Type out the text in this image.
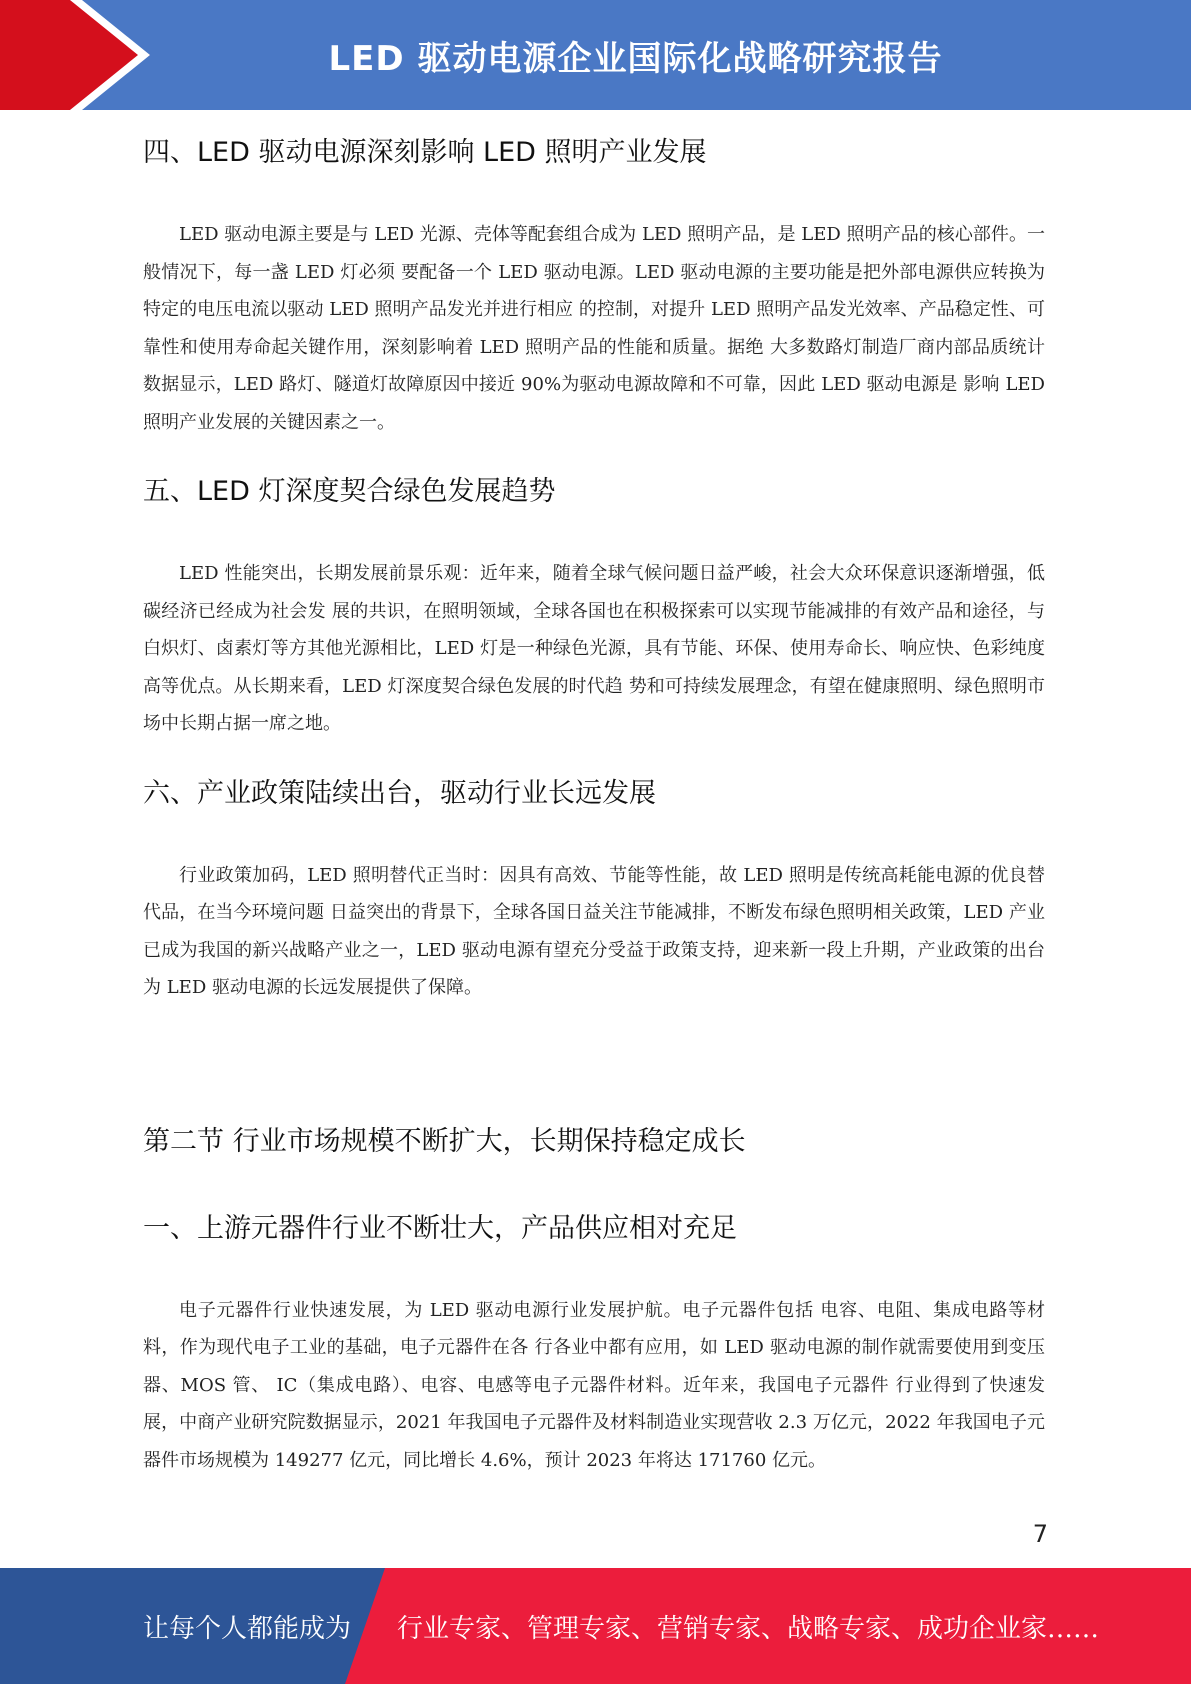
LED 驱动电源企业国际化战略研究报告
四、LED 驱动电源深刻影响 LED 照明产业发展

LED 驱动电源主要是与 LED 光源、壳体等配套组合成为 LED 照明产品，是 LED 照明产品的核心部件。一般情况下，每一盏 LED 灯必须 要配备一个 LED 驱动电源。LED 驱动电源的主要功能是把外部电源供应转换为特定的电压电流以驱动 LED 照明产品发光并进行相应 的控制，对提升 LED 照明产品发光效率、产品稳定性、可靠性和使用寿命起关键作用，深刻影响着 LED 照明产品的性能和质量。据绝 大多数路灯制造厂商内部品质统计数据显示，LED 路灯、隧道灯故障原因中接近 90%为驱动电源故障和不可靠，因此 LED 驱动电源是 影响 LED 照明产业发展的关键因素之一。

五、LED 灯深度契合绿色发展趋势

LED 性能突出，长期发展前景乐观：近年来，随着全球气候问题日益严峻，社会大众环保意识逐渐增强，低碳经济已经成为社会发 展的共识，在照明领域，全球各国也在积极探索可以实现节能减排的有效产品和途径，与白炽灯、卤素灯等方其他光源相比，LED 灯是一种绿色光源，具有节能、环保、使用寿命长、响应快、色彩纯度高等优点。从长期来看，LED 灯深度契合绿色发展的时代趋 势和可持续发展理念，有望在健康照明、绿色照明市场中长期占据一席之地。

六、产业政策陆续出台，驱动行业长远发展

行业政策加码，LED 照明替代正当时：因具有高效、节能等性能，故 LED 照明是传统高耗能电源的优良替代品，在当今环境问题 日益突出的背景下，全球各国日益关注节能减排，不断发布绿色照明相关政策，LED 产业已成为我国的新兴战略产业之一，LED 驱动电源有望充分受益于政策支持，迎来新一段上升期，产业政策的出台为 LED 驱动电源的长远发展提供了保障。

第二节 行业市场规模不断扩大，长期保持稳定成长
一、上游元器件行业不断壮大，产品供应相对充足

电子元器件行业快速发展，为 LED 驱动电源行业发展护航。电子元器件包括 电容、电阻、集成电路等材料，作为现代电子工业的基础，电子元器件在各 行各业中都有应用，如 LED 驱动电源的制作就需要使用到变压器、MOS 管、 IC（集成电路）、电容、电感等电子元器件材料。近年来，我国电子元器件 行业得到了快速发展，中商产业研究院数据显示，2021 年我国电子元器件及材料制造业实现营收 2.3 万亿元，2022 年我国电子元器件市场规模为 149277 亿元，同比增长 4.6%，预计 2023 年将达 171760 亿元。

7
让每个人都能成为 行业专家、管理专家、营销专家、战略专家、成功企业家……
